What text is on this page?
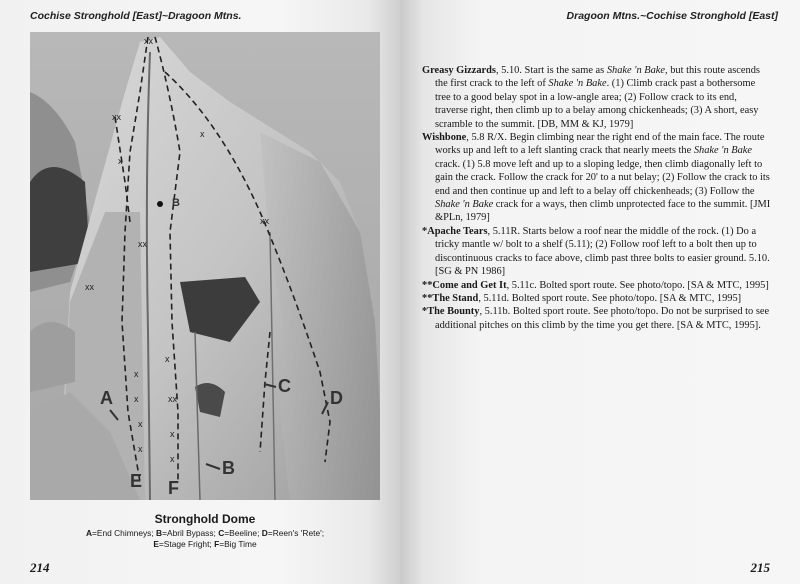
Cochise Stronghold [East]~Dragoon Mtns.
xx
xx
x
xx
xx
x
xx
x
x
x
x
x
xx
x
x
A
B
B
C
D
E F
Stronghold Dome
A=End Chimneys; B=Abril Bypass; C=Beeline; D=Reen's 'Rete';
E=Stage Fright; F=Big Time
214
Dragoon Mtns.~Cochise Stronghold [East]

Greasy Gizzards, 5.10. Start is the same as Shake 'n Bake, but this route ascends the first crack to the left of Shake 'n Bake. (1) Climb crack past a bothersome tree to a good belay spot in a low-angle area; (2) Follow crack to its end, traverse right, then climb up to a belay among chickenheads; (3) A short, easy scramble to the summit. [DB, MM & KJ, 1979]

Wishbone, 5.8 R/X. Begin climbing near the right end of the main face. The route works up and left to a left slanting crack that nearly meets the Shake 'n Bake crack. (1) 5.8 move left and up to a sloping ledge, then climb diagonally left to gain the crack. Follow the crack for 20' to a nut belay; (2) Follow the crack to its end and then continue up and left to a belay off chickenheads; (3) Follow the Shake 'n Bake crack for a ways, then climb unprotected face to the summit. [JMI &PLn, 1979]

*Apache Tears, 5.11R. Starts below a roof near the middle of the rock. (1) Do a tricky mantle w/ bolt to a shelf (5.11); (2) Follow roof left to a bolt then up to discontinuous cracks to face above, climb past three bolts to easier ground. 5.10. [SG & PN 1986]

**Come and Get It, 5.11c. Bolted sport route. See photo/topo. [SA & MTC, 1995]

**The Stand, 5.11d. Bolted sport route. See photo/topo. [SA & MTC, 1995]

*The Bounty, 5.11b. Bolted sport route. See photo/topo. Do not be surprised to see additional pitches on this climb by the time you get there. [SA & MTC, 1995].

215
